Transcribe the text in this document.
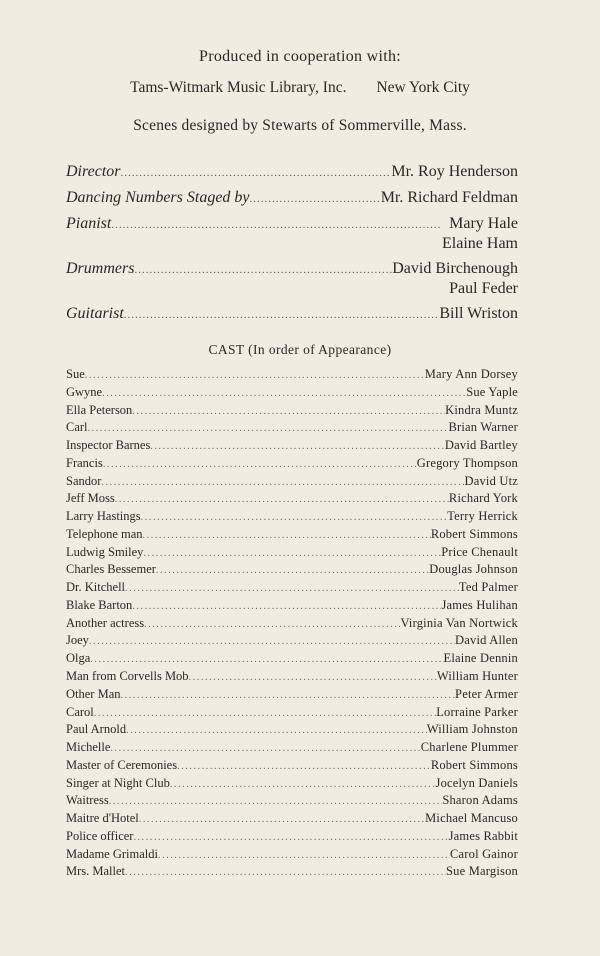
Produced in cooperation with:
Tams-Witmark Music Library, Inc. New York City
Scenes designed by Stewarts of Sommerville, Mass.
Director .....	Mr. Roy Henderson
Dancing Numbers Staged by .....	Mr. Richard Feldman
Pianist .....	Mary Hale
Elaine Ham
Drummers .....	David Birchenough
Paul Feder
Guitarist .....	Bill Wriston
CAST (In order of Appearance)
Sue .....	Mary Ann Dorsey
Gwyne .....	Sue Yaple
Ella Peterson .....	Kindra Muntz
Carl .....	Brian Warner
Inspector Barnes .....	David Bartley
Francis .....	Gregory Thompson
Sandor .....	David Utz
Jeff Moss .....	Richard York
Larry Hastings .....	Terry Herrick
Telephone man .....	Robert Simmons
Ludwig Smiley .....	Price Chenault
Charles Bessemer .....	Douglas Johnson
Dr. Kitchell .....	Ted Palmer
Blake Barton .....	James Hulihan
Another actress .....	Virginia Van Nortwick
Joey .....	David Allen
Olga .....	Elaine Dennin
Man from Corvells Mob .....	William Hunter
Other Man .....	Peter Armer
Carol .....	Lorraine Parker
Paul Arnold .....	William Johnston
Michelle .....	Charlene Plummer
Master of Ceremonies .....	Robert Simmons
Singer at Night Club .....	Jocelyn Daniels
Waitress .....	Sharon Adams
Maitre d'Hotel .....	Michael Mancuso
Police officer .....	James Rabbit
Madame Grimaldi .....	Carol Gainor
Mrs. Mallet .....	Sue Margison
